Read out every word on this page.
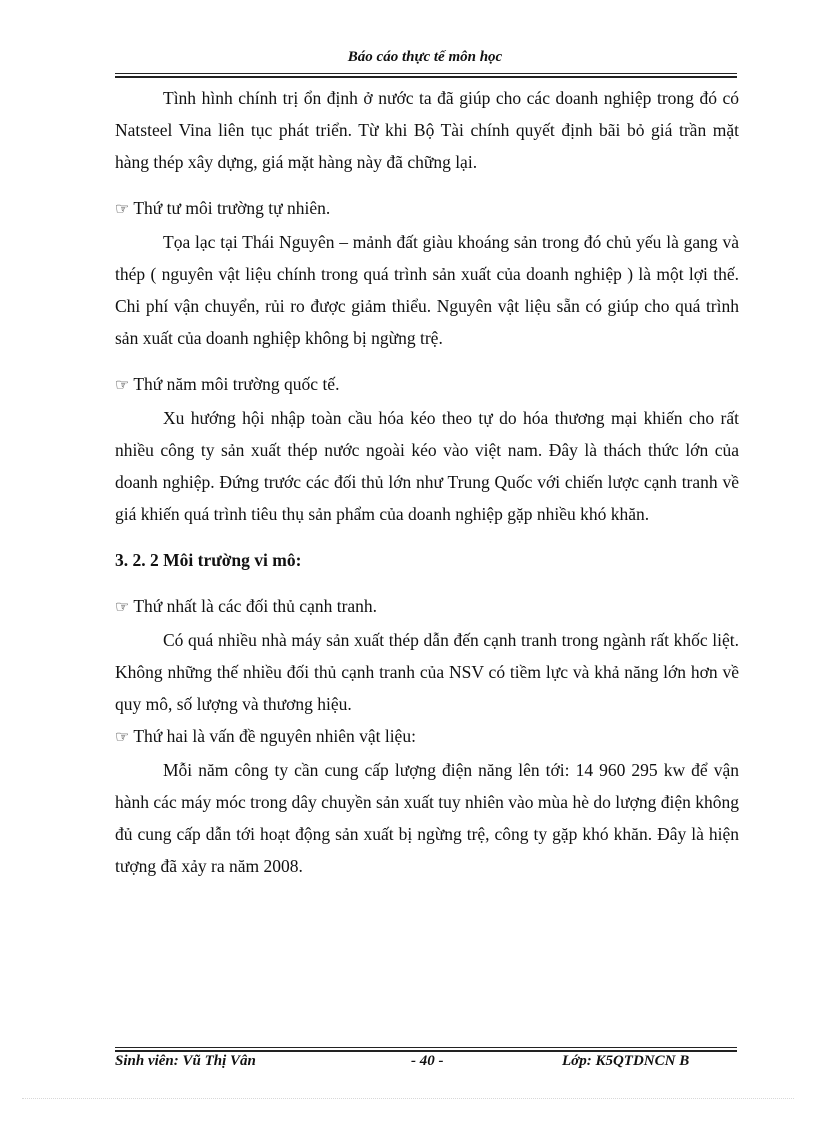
Báo cáo thực tế môn học

Tình hình chính trị ổn định ở nước ta đã giúp cho các doanh nghiệp trong đó có Natsteel Vina liên tục phát triển. Từ khi Bộ Tài chính quyết định bãi bỏ giá trần mặt hàng thép xây dựng, giá mặt hàng này đã chững lại.

☞ Thứ tư môi trường tự nhiên.

Tọa lạc tại Thái Nguyên – mảnh đất giàu khoáng sản trong đó chủ yếu là gang và thép ( nguyên vật liệu chính trong quá trình sản xuất của doanh nghiệp ) là một lợi thế. Chi phí vận chuyển, rủi ro được giảm thiểu. Nguyên vật liệu sẵn có giúp cho quá trình sản xuất của doanh nghiệp không bị ngừng trệ.

☞ Thứ năm môi trường quốc tế.

Xu hướng hội nhập toàn cầu hóa kéo theo tự do hóa thương mại khiến cho rất nhiều công ty sản xuất thép nước ngoài kéo vào việt nam. Đây là thách thức lớn của doanh nghiệp. Đứng trước các đối thủ lớn như Trung Quốc với chiến lược cạnh tranh về giá khiến quá trình tiêu thụ sản phẩm của doanh nghiệp gặp nhiều khó khăn.

3. 2. 2 Môi trường vi mô:

☞ Thứ nhất là các đối thủ cạnh tranh.

Có quá nhiều nhà máy sản xuất thép dẫn đến cạnh tranh trong ngành rất khốc liệt. Không những thế nhiều đối thủ cạnh tranh của NSV có tiềm lực và khả năng lớn hơn về quy mô, số lượng và thương hiệu.

☞ Thứ hai là vấn đề nguyên nhiên vật liệu:

Mỗi năm công ty cần cung cấp lượng điện năng lên tới: 14 960 295 kw để vận hành các máy móc trong dây chuyền sản xuất tuy nhiên vào mùa hè do lượng điện không đủ cung cấp dẫn tới hoạt động sản xuất bị ngừng trệ, công ty gặp khó khăn. Đây là hiện tượng đã xảy ra năm 2008.

Sinh viên: Vũ Thị Vân	- 40 -	Lớp: K5QTDNCN B
